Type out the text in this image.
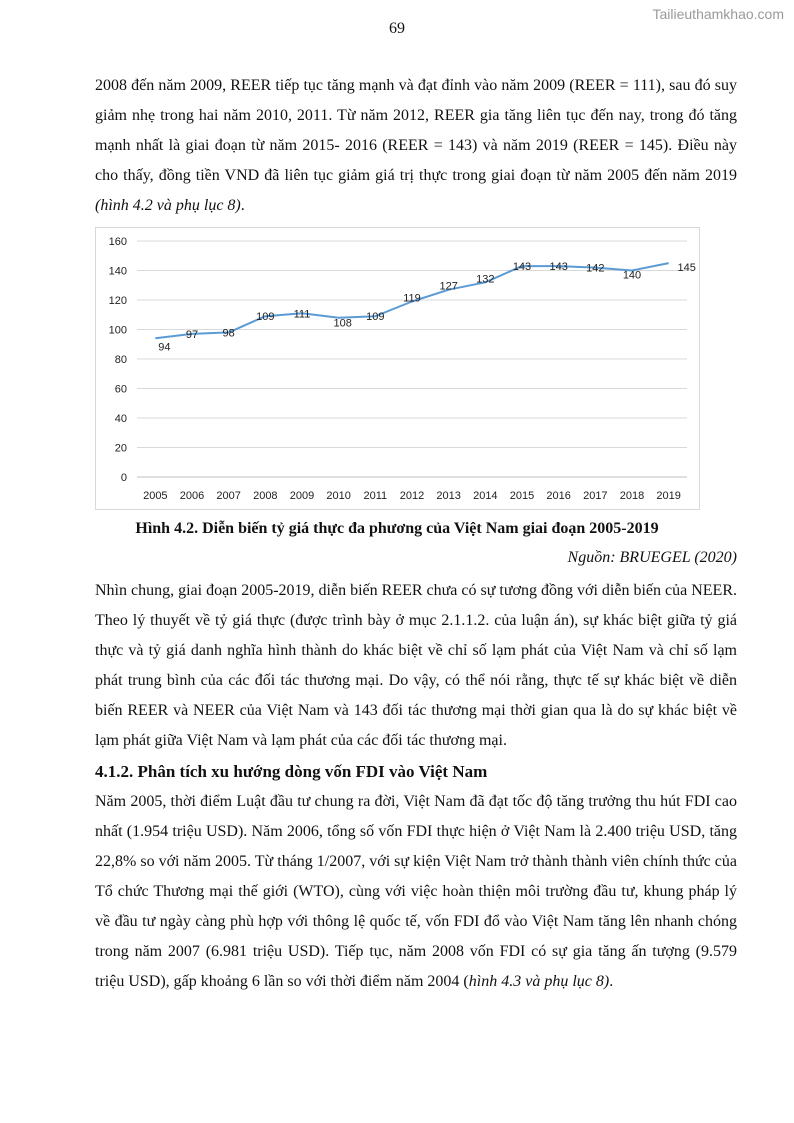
Tailieuthamkhao.com
69

2008 đến năm 2009, REER tiếp tục tăng mạnh và đạt đỉnh vào năm 2009 (REER = 111), sau đó suy giảm nhẹ trong hai năm 2010, 2011. Từ năm 2012, REER gia tăng liên tục đến nay, trong đó tăng mạnh nhất là giai đoạn từ năm 2015- 2016 (REER = 143) và năm 2019 (REER = 145). Điều này cho thấy, đồng tiền VND đã liên tục giảm giá trị thực trong giai đoạn từ năm 2005 đến năm 2019 (hình 4.2 và phụ lục 8).

0
20
40
60
80
100
120
140
160
2005 2006 2007 2008 2009 2010 2011 2012 2013 2014 2015 2016 2017 2018 2019
94
97 98
109 111
108
109
119
127
132
143 143 142
140
145
Hình 4.2. Diễn biến tỷ giá thực đa phương của Việt Nam giai đoạn 2005-2019
Nguồn: BRUEGEL (2020)

Nhìn chung, giai đoạn 2005-2019, diễn biến REER chưa có sự tương đồng với diễn biến của NEER. Theo lý thuyết về tỷ giá thực (được trình bày ở mục 2.1.1.2. của luận án), sự khác biệt giữa tỷ giá thực và tỷ giá danh nghĩa hình thành do khác biệt về chỉ số lạm phát của Việt Nam và chỉ số lạm phát trung bình của các đối tác thương mại. Do vậy, có thể nói rằng, thực tế sự khác biệt về diễn biến REER và NEER của Việt Nam và 143 đối tác thương mại thời gian qua là do sự khác biệt về lạm phát giữa Việt Nam và lạm phát của các đối tác thương mại.

4.1.2. Phân tích xu hướng dòng vốn FDI vào Việt Nam

Năm 2005, thời điểm Luật đầu tư chung ra đời, Việt Nam đã đạt tốc độ tăng trưởng thu hút FDI cao nhất (1.954 triệu USD). Năm 2006, tổng số vốn FDI thực hiện ở Việt Nam là 2.400 triệu USD, tăng 22,8% so với năm 2005. Từ tháng 1/2007, với sự kiện Việt Nam trở thành thành viên chính thức của Tổ chức Thương mại thế giới (WTO), cùng với việc hoàn thiện môi trường đầu tư, khung pháp lý về đầu tư ngày càng phù hợp với thông lệ quốc tế, vốn FDI đổ vào Việt Nam tăng lên nhanh chóng trong năm 2007 (6.981 triệu USD). Tiếp tục, năm 2008 vốn FDI có sự gia tăng ấn tượng (9.579 triệu USD), gấp khoảng 6 lần so với thời điểm năm 2004 (hình 4.3 và phụ lục 8).
